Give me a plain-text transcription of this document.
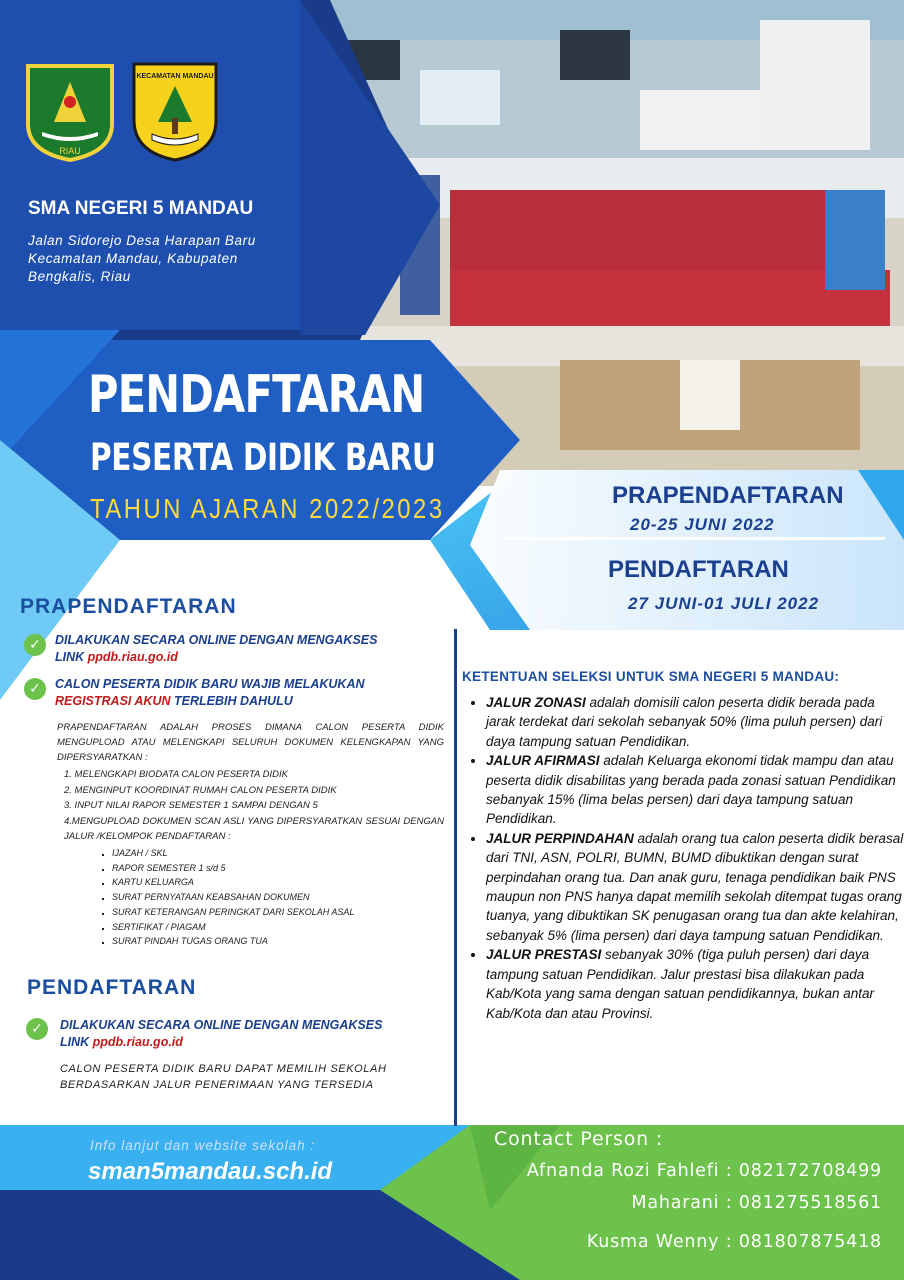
RIAU
KECAMATAN MANDAU
SMA NEGERI 5 MANDAU
Jalan Sidorejo Desa Harapan Baru
Kecamatan Mandau, Kabupaten
Bengkalis, Riau
PENDAFTARAN
PESERTA DIDIK BARU
TAHUN AJARAN 2022/2023	PRAPENDAFTARAN
20-25 JUNI 2022
PENDAFTARAN
27 JUNI-01 JULI 2022
PRAPENDAFTARAN
✓	DILAKUKAN SECARA ONLINE DENGAN MENGAKSES
LINK ppdb.riau.go.id
✓	CALON PESERTA DIDIK BARU WAJIB MELAKUKAN
REGISTRASI AKUN TERLEBIH DAHULU
PRAPENDAFTARAN ADALAH PROSES DIMANA CALON PESERTA DIDIK MENGUPLOAD ATAU MELENGKAPI SELURUH DOKUMEN KELENGKAPAN YANG DIPERSYARATKAN :
1. MELENGKAPI BIODATA CALON PESERTA DIDIK
2. MENGINPUT KOORDINAT RUMAH CALON PESERTA DIDIK
3. INPUT NILAI RAPOR SEMESTER 1 SAMPAI DENGAN 5
4.MENGUPLOAD DOKUMEN SCAN ASLI YANG DIPERSYARATKAN SESUAI DENGAN JALUR /KELOMPOK PENDAFTARAN :
▪ IJAZAH / SKL
▪ RAPOR SEMESTER 1 s/d 5
▪ KARTU KELUARGA
▪ SURAT PERNYATAAN KEABSAHAN DOKUMEN
▪ SURAT KETERANGAN PERINGKAT DARI SEKOLAH ASAL
▪ SERTIFIKAT / PIAGAM
▪ SURAT PINDAH TUGAS ORANG TUA
PENDAFTARAN
✓	DILAKUKAN SECARA ONLINE DENGAN MENGAKSES
LINK ppdb.riau.go.id
CALON PESERTA DIDIK BARU DAPAT MEMILIH SEKOLAH BERDASARKAN JALUR PENERIMAAN YANG TERSEDIA
KETENTUAN SELEKSI UNTUK SMA NEGERI 5 MANDAU:
• JALUR ZONASI adalah domisili calon peserta didik berada pada jarak terdekat dari sekolah sebanyak 50% (lima puluh persen) dari daya tampung satuan Pendidikan.
• JALUR AFIRMASI adalah Keluarga ekonomi tidak mampu dan atau peserta didik disabilitas yang berada pada zonasi satuan Pendidikan sebanyak 15% (lima belas persen) dari daya tampung satuan Pendidikan.
• JALUR PERPINDAHAN adalah orang tua calon peserta didik berasal dari TNI, ASN, POLRI, BUMN, BUMD dibuktikan dengan surat perpindahan orang tua. Dan anak guru, tenaga pendidikan baik PNS maupun non PNS hanya dapat memilih sekolah ditempat tugas orang tuanya, yang dibuktikan SK penugasan orang tua dan akte kelahiran, sebanyak 5% (lima persen) dari daya tampung satuan Pendidikan.
• JALUR PRESTASI sebanyak 30% (tiga puluh persen) dari daya tampung satuan Pendidikan. Jalur prestasi bisa dilakukan pada Kab/Kota yang sama dengan satuan pendidikannya, bukan antar Kab/Kota dan atau Provinsi.
Info lanjut dan website sekolah :
sman5mandau.sch.id
Contact Person :
Afnanda Rozi Fahlefi : 082172708499
Maharani : 081275518561
Kusma Wenny : 081807875418
